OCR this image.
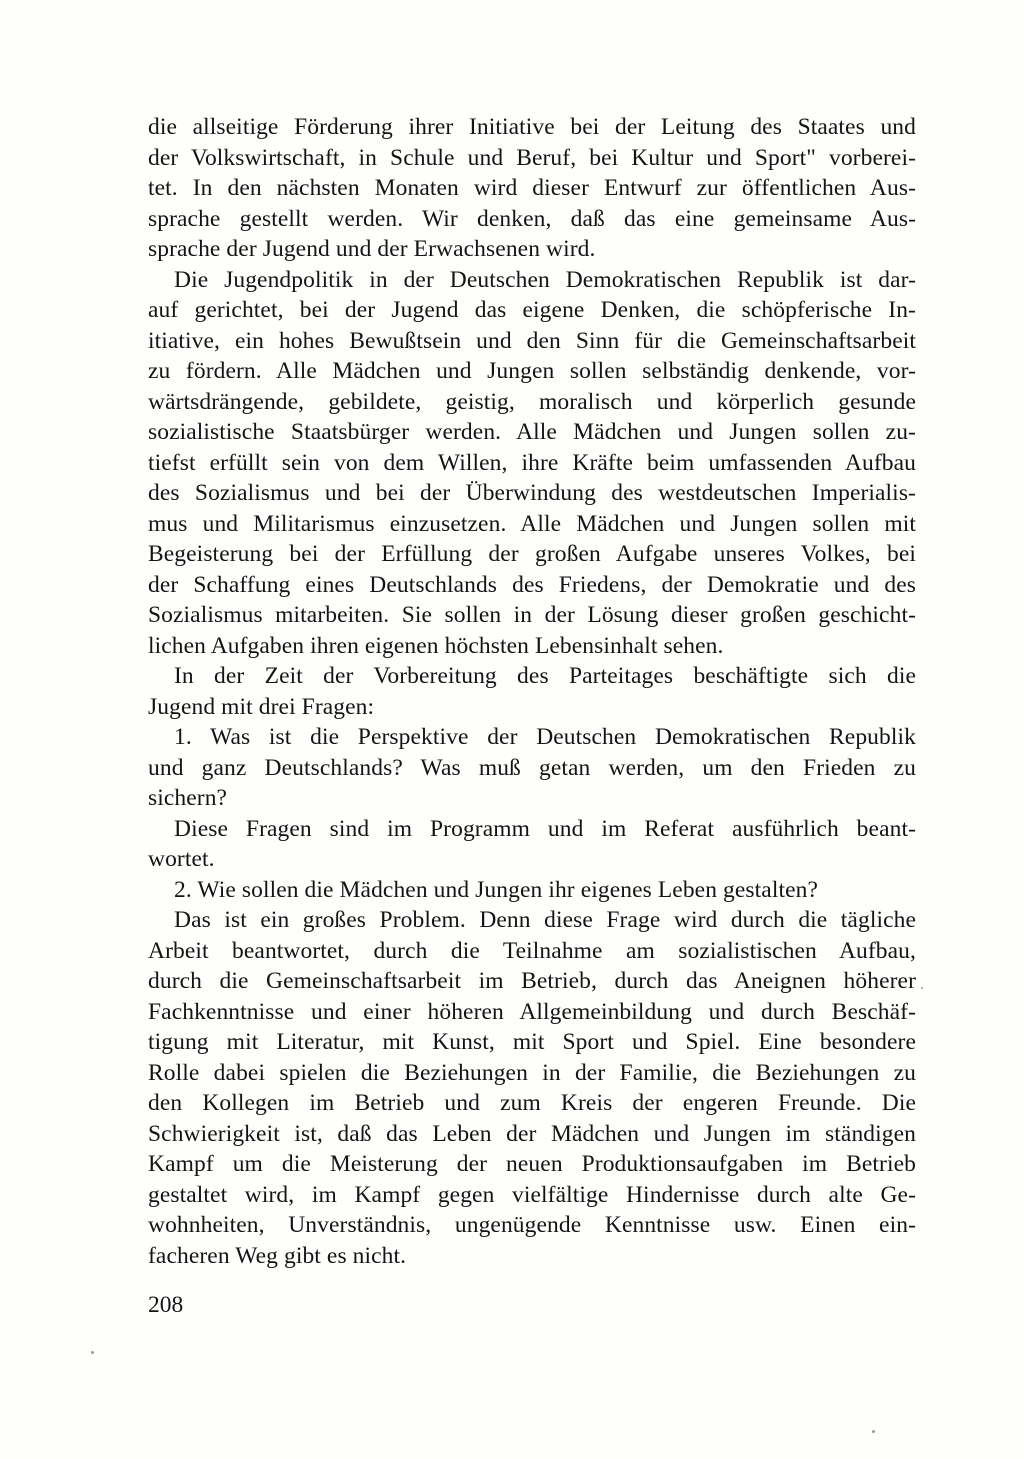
die allseitige Förderung ihrer Initiative bei der Leitung des Staates und
der Volkswirtschaft, in Schule und Beruf, bei Kultur und Sport" vorberei-
tet. In den nächsten Monaten wird dieser Entwurf zur öffentlichen Aus-
sprache gestellt werden. Wir denken, daß das eine gemeinsame Aus-
sprache der Jugend und der Erwachsenen wird.
Die Jugendpolitik in der Deutschen Demokratischen Republik ist dar-
auf gerichtet, bei der Jugend das eigene Denken, die schöpferische In-
itiative, ein hohes Bewußtsein und den Sinn für die Gemeinschaftsarbeit
zu fördern. Alle Mädchen und Jungen sollen selbständig denkende, vor-
wärtsdrängende, gebildete, geistig, moralisch und körperlich gesunde
sozialistische Staatsbürger werden. Alle Mädchen und Jungen sollen zu-
tiefst erfüllt sein von dem Willen, ihre Kräfte beim umfassenden Aufbau
des Sozialismus und bei der Überwindung des westdeutschen Imperialis-
mus und Militarismus einzusetzen. Alle Mädchen und Jungen sollen mit
Begeisterung bei der Erfüllung der großen Aufgabe unseres Volkes, bei
der Schaffung eines Deutschlands des Friedens, der Demokratie und des
Sozialismus mitarbeiten. Sie sollen in der Lösung dieser großen geschicht-
lichen Aufgaben ihren eigenen höchsten Lebensinhalt sehen.
In der Zeit der Vorbereitung des Parteitages beschäftigte sich die
Jugend mit drei Fragen:
1. Was ist die Perspektive der Deutschen Demokratischen Republik
und ganz Deutschlands? Was muß getan werden, um den Frieden zu
sichern?
Diese Fragen sind im Programm und im Referat ausführlich beant-
wortet.
2. Wie sollen die Mädchen und Jungen ihr eigenes Leben gestalten?
Das ist ein großes Problem. Denn diese Frage wird durch die tägliche
Arbeit beantwortet, durch die Teilnahme am sozialistischen Aufbau,
durch die Gemeinschaftsarbeit im Betrieb, durch das Aneignen höherer
Fachkenntnisse und einer höheren Allgemeinbildung und durch Beschäf-
tigung mit Literatur, mit Kunst, mit Sport und Spiel. Eine besondere
Rolle dabei spielen die Beziehungen in der Familie, die Beziehungen zu
den Kollegen im Betrieb und zum Kreis der engeren Freunde. Die
Schwierigkeit ist, daß das Leben der Mädchen und Jungen im ständigen
Kampf um die Meisterung der neuen Produktionsaufgaben im Betrieb
gestaltet wird, im Kampf gegen vielfältige Hindernisse durch alte Ge-
wohnheiten, Unverständnis, ungenügende Kenntnisse usw. Einen ein-
facheren Weg gibt es nicht.
208
